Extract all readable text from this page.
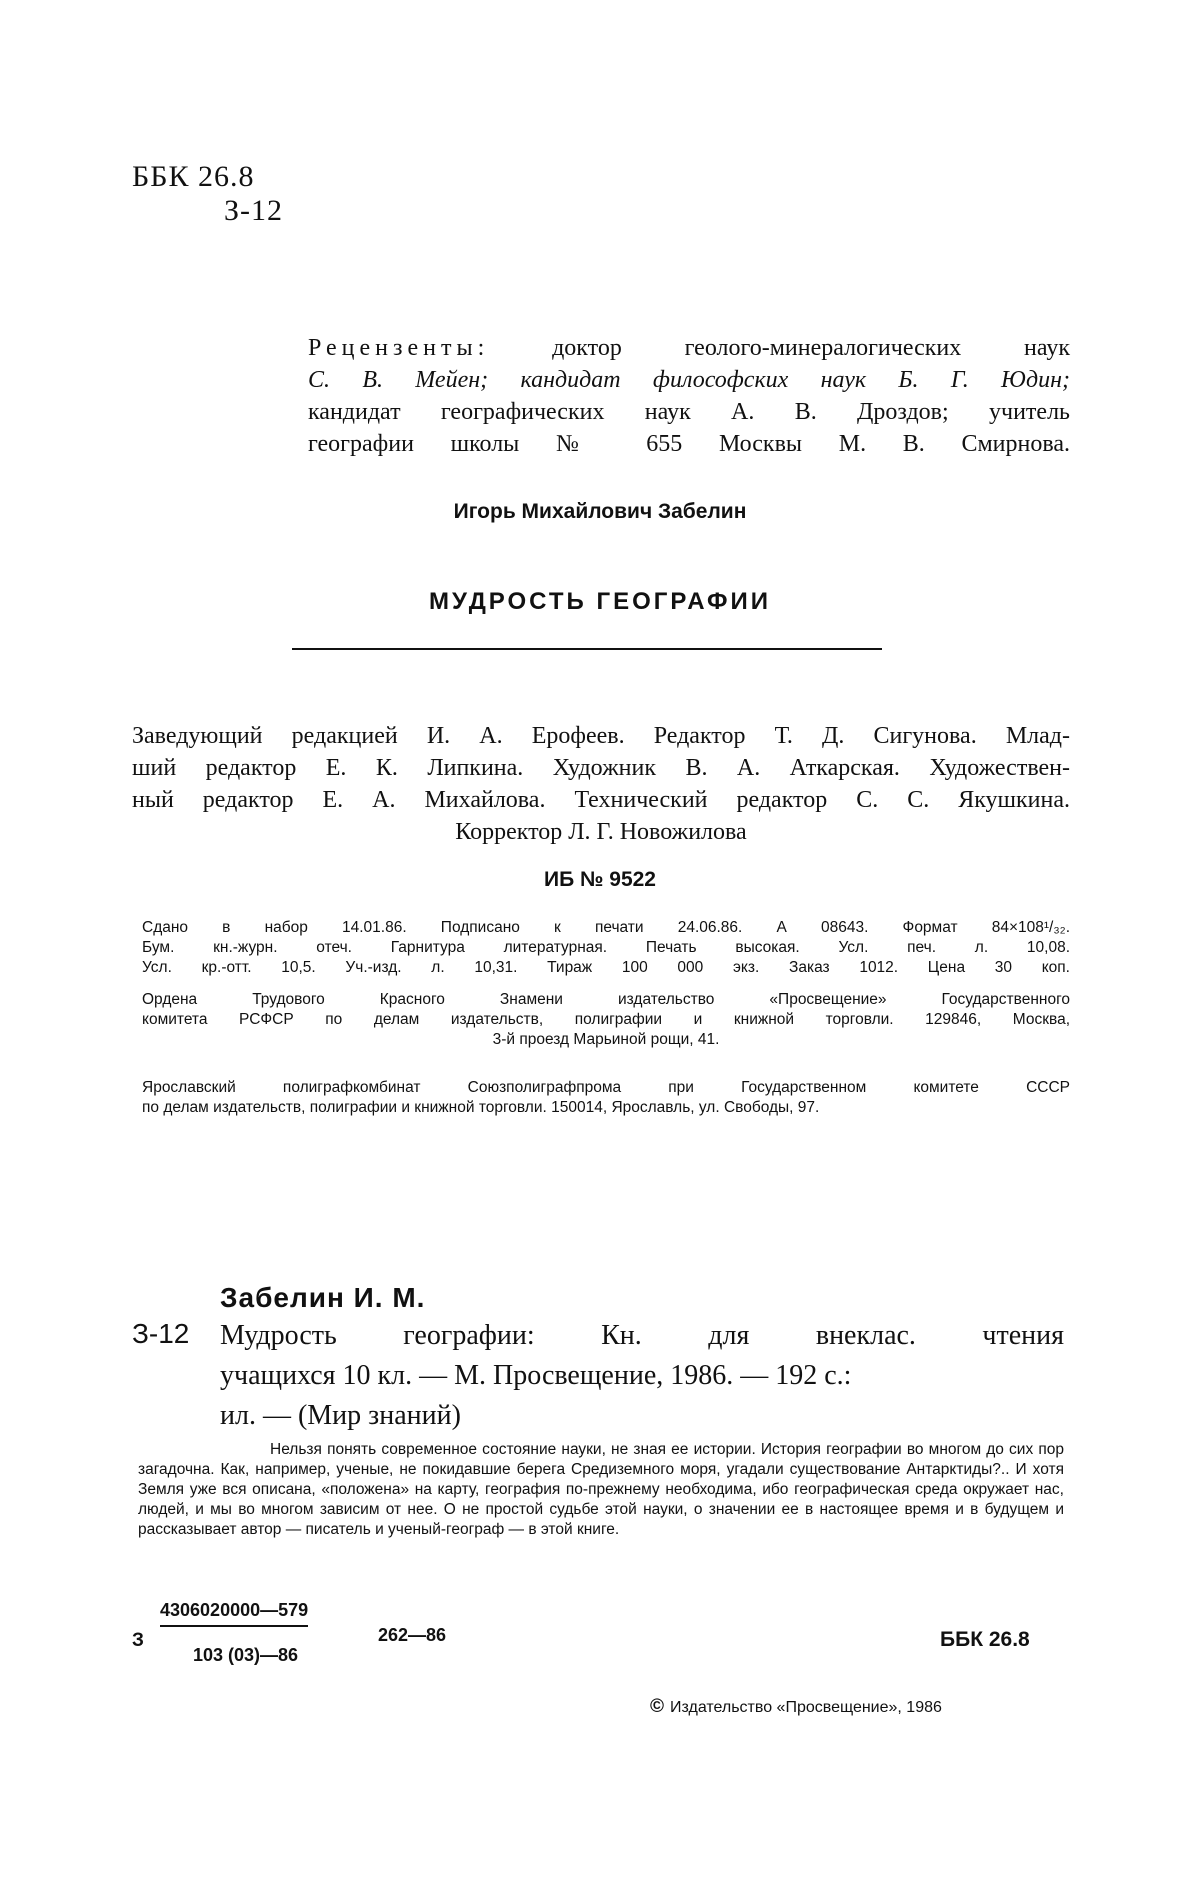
ББК 26.8
З-12

Рецензенты:	доктор геолого-минералогических наук

С. В. Мейен; кандидат философских наук Б. Г. Юдин;

кандидат географических наук А. В. Дроздов; учитель

географии школы № 655 Москвы М. В. Смирнова.

Игорь Михайлович Забелин
МУДРОСТЬ ГЕОГРАФИИ

Заведующий редакцией И. А. Ерофеев. Редактор Т. Д. Сигунова. Млад-

ший редактор Е. К. Липкина. Художник В. А. Аткарская. Художествен-

ный редактор Е. А. Михайлова. Технический редактор С. С. Якушкина.

Корректор Л. Г. Новожилова

ИБ № 9522

Сдано в набор 14.01.86. Подписано к печати 24.06.86. А 08643. Формат 84×108¹/₃₂.

Бум. кн.-журн. отеч. Гарнитура литературная. Печать высокая. Усл. печ. л. 10,08.

Усл. кр.-отт. 10,5. Уч.-изд. л. 10,31. Тираж 100 000 экз. Заказ 1012. Цена 30 коп.

Ордена Трудового Красного Знамени издательство «Просвещение» Государственного

комитета РСФСР по делам издательств, полиграфии и книжной торговли. 129846, Москва,

3-й проезд Марьиной рощи, 41.

Ярославский полиграфкомбинат Союзполиграфпрома при Государственном комитете СССР

по делам издательств, полиграфии и книжной торговли. 150014, Ярославль, ул. Свободы, 97.

Забелин И. М.
З-12 Мудрость географии: Кн. для внеклас. чтения

учащихся 10 кл. — М. Просвещение, 1986. — 192 с.:

ил. — (Мир знаний)

Нельзя понять современное состояние науки, не зная ее истории. История географии во многом до сих пор загадочна. Как, например, ученые, не покидавшие берега Средиземного моря, угадали существование Антарктиды?.. И хотя Земля уже вся описана, «положена» на карту, география по-прежнему необходима, ибо географическая среда окружает нас, людей, и мы во многом зависим от нее. О не простой судьбе этой науки, о значении ее в настоящее время и в будущем и рассказывает автор — писатель и ученый-географ — в этой книге.
З
4306020000—579
103 (03)—86
262—86	ББК 26.8
© Издательство «Просвещение», 1986
